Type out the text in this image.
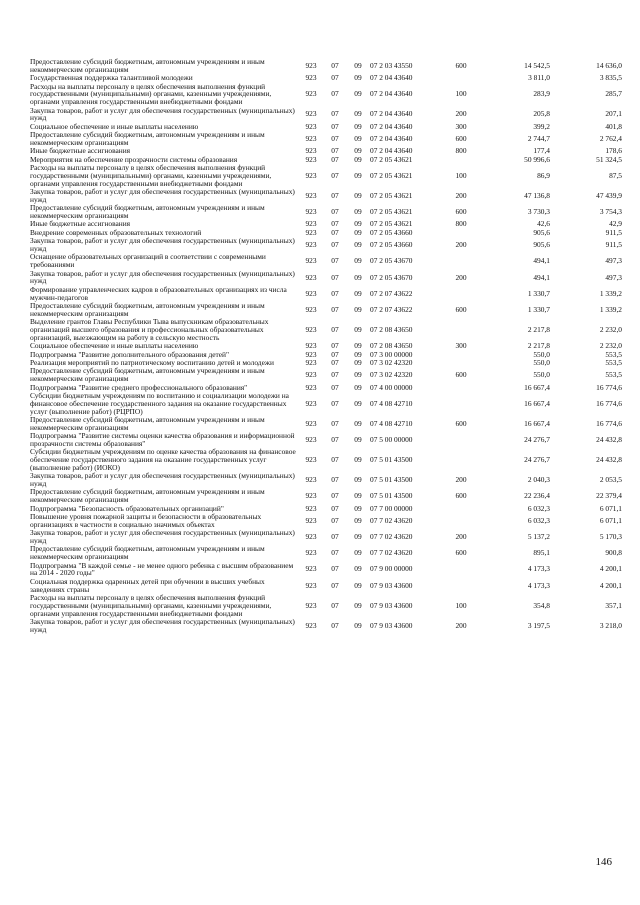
Предоставление субсидий бюджетным, автономным учреждениям и иным некоммерческим организациям	923	07	09	07 2 03 43550	600	14 542,5	14 636,0
Государственная поддержка талантливой молодежи	923	07	09	07 2 04 43640		3 811,0	3 835,5
Расходы на выплаты персоналу в целях обеспечения выполнения функций государственными (муниципальными) органами, казенными учреждениями, органами управления государственными внебюджетными фондами	923	07	09	07 2 04 43640	100	283,9	285,7
Закупка товаров, работ и услуг для обеспечения государственных (муниципальных) нужд	923	07	09	07 2 04 43640	200	205,8	207,1
Социальное обеспечение и иные выплаты населению	923	07	09	07 2 04 43640	300	399,2	401,8
Предоставление субсидий бюджетным, автономным учреждениям и иным некоммерческим организациям	923	07	09	07 2 04 43640	600	2 744,7	2 762,4
Иные бюджетные ассигнования	923	07	09	07 2 04 43640	800	177,4	178,6
Мероприятия на обеспечение прозрачности системы образования	923	07	09	07 2 05 43621		50 996,6	51 324,5
Расходы на выплаты персоналу в целях обеспечения выполнения функций государственными (муниципальными) органами, казенными учреждениями, органами управления государственными внебюджетными фондами	923	07	09	07 2 05 43621	100	86,9	87,5
Закупка товаров, работ и услуг для обеспечения государственных (муниципальных) нужд	923	07	09	07 2 05 43621	200	47 136,8	47 439,9
Предоставление субсидий бюджетным, автономным учреждениям и иным некоммерческим организациям	923	07	09	07 2 05 43621	600	3 730,3	3 754,3
Иные бюджетные ассигнования	923	07	09	07 2 05 43621	800	42,6	42,9
Внедрение современных образовательных технологий	923	07	09	07 2 05 43660		905,6	911,5
Закупка товаров, работ и услуг для обеспечения государственных (муниципальных) нужд	923	07	09	07 2 05 43660	200	905,6	911,5
Оснащение образовательных организаций в соответствии с современными требованиями	923	07	09	07 2 05 43670		494,1	497,3
Закупка товаров, работ и услуг для обеспечения государственных (муниципальных) нужд	923	07	09	07 2 05 43670	200	494,1	497,3
Формирование управленческих кадров в образовательных организациях из числа мужчин-педагогов	923	07	09	07 2 07 43622		1 330,7	1 339,2
Предоставление субсидий бюджетным, автономным учреждениям и иным некоммерческим организациям	923	07	09	07 2 07 43622	600	1 330,7	1 339,2
Выделение грантов Главы Республики Тыва выпускникам образовательных организаций высшего образования и профессиональных образовательных организаций, выезжающим на работу в сельскую местность	923	07	09	07 2 08 43650		2 217,8	2 232,0
Социальное обеспечение и иные выплаты населению	923	07	09	07 2 08 43650	300	2 217,8	2 232,0
Подпрограмма "Развитие дополнительного образования детей"	923	07	09	07 3 00 00000		550,0	553,5
Реализация мероприятий по патриотическому воспитанию детей и молодежи	923	07	09	07 3 02 42320		550,0	553,5
Предоставление субсидий бюджетным, автономным учреждениям и иным некоммерческим организациям	923	07	09	07 3 02 42320	600	550,0	553,5
Подпрограмма "Развитие среднего профессионального образования"	923	07	09	07 4 00 00000		16 667,4	16 774,6
Субсидии бюджетным учреждениям по воспитанию и социализации молодежи на финансовое обеспечение государственного задания на оказание государственных услуг (выполнение работ) (РЦРПО)	923	07	09	07 4 08 42710		16 667,4	16 774,6
Предоставление субсидий бюджетным, автономным учреждениям и иным некоммерческим организациям	923	07	09	07 4 08 42710	600	16 667,4	16 774,6
Подпрограмма "Развитие системы оценки качества образования и информационной прозрачности системы образования"	923	07	09	07 5 00 00000		24 276,7	24 432,8
Субсидии бюджетным учреждениям по оценке качества образования на финансовое обеспечение государственного задания на оказание государственных услуг (выполнение работ) (ИОКО)	923	07	09	07 5 01 43500		24 276,7	24 432,8
Закупка товаров, работ и услуг для обеспечения государственных (муниципальных) нужд	923	07	09	07 5 01 43500	200	2 040,3	2 053,5
Предоставление субсидий бюджетным, автономным учреждениям и иным некоммерческим организациям	923	07	09	07 5 01 43500	600	22 236,4	22 379,4
Подпрограмма "Безопасность образовательных организаций"	923	07	09	07 7 00 00000		6 032,3	6 071,1
Повышение уровня пожарной защиты и безопасности в образовательных организациях в частности в социально значимых объектах	923	07	09	07 7 02 43620		6 032,3	6 071,1
Закупка товаров, работ и услуг для обеспечения государственных (муниципальных) нужд	923	07	09	07 7 02 43620	200	5 137,2	5 170,3
Предоставление субсидий бюджетным, автономным учреждениям и иным некоммерческим организациям	923	07	09	07 7 02 43620	600	895,1	900,8
Подпрограмма "В каждой семье - не менее одного ребенка с высшим образованием на 2014 - 2020 годы"	923	07	09	07 9 00 00000		4 173,3	4 200,1
Социальная поддержка одаренных детей при обучении в высших учебных заведениях страны	923	07	09	07 9 03 43600		4 173,3	4 200,1
Расходы на выплаты персоналу в целях обеспечения выполнения функций государственными (муниципальными) органами, казенными учреждениями, органами управления государственными внебюджетными фондами	923	07	09	07 9 03 43600	100	354,8	357,1
Закупка товаров, работ и услуг для обеспечения государственных (муниципальных) нужд	923	07	09	07 9 03 43600	200	3 197,5	3 218,0
146
